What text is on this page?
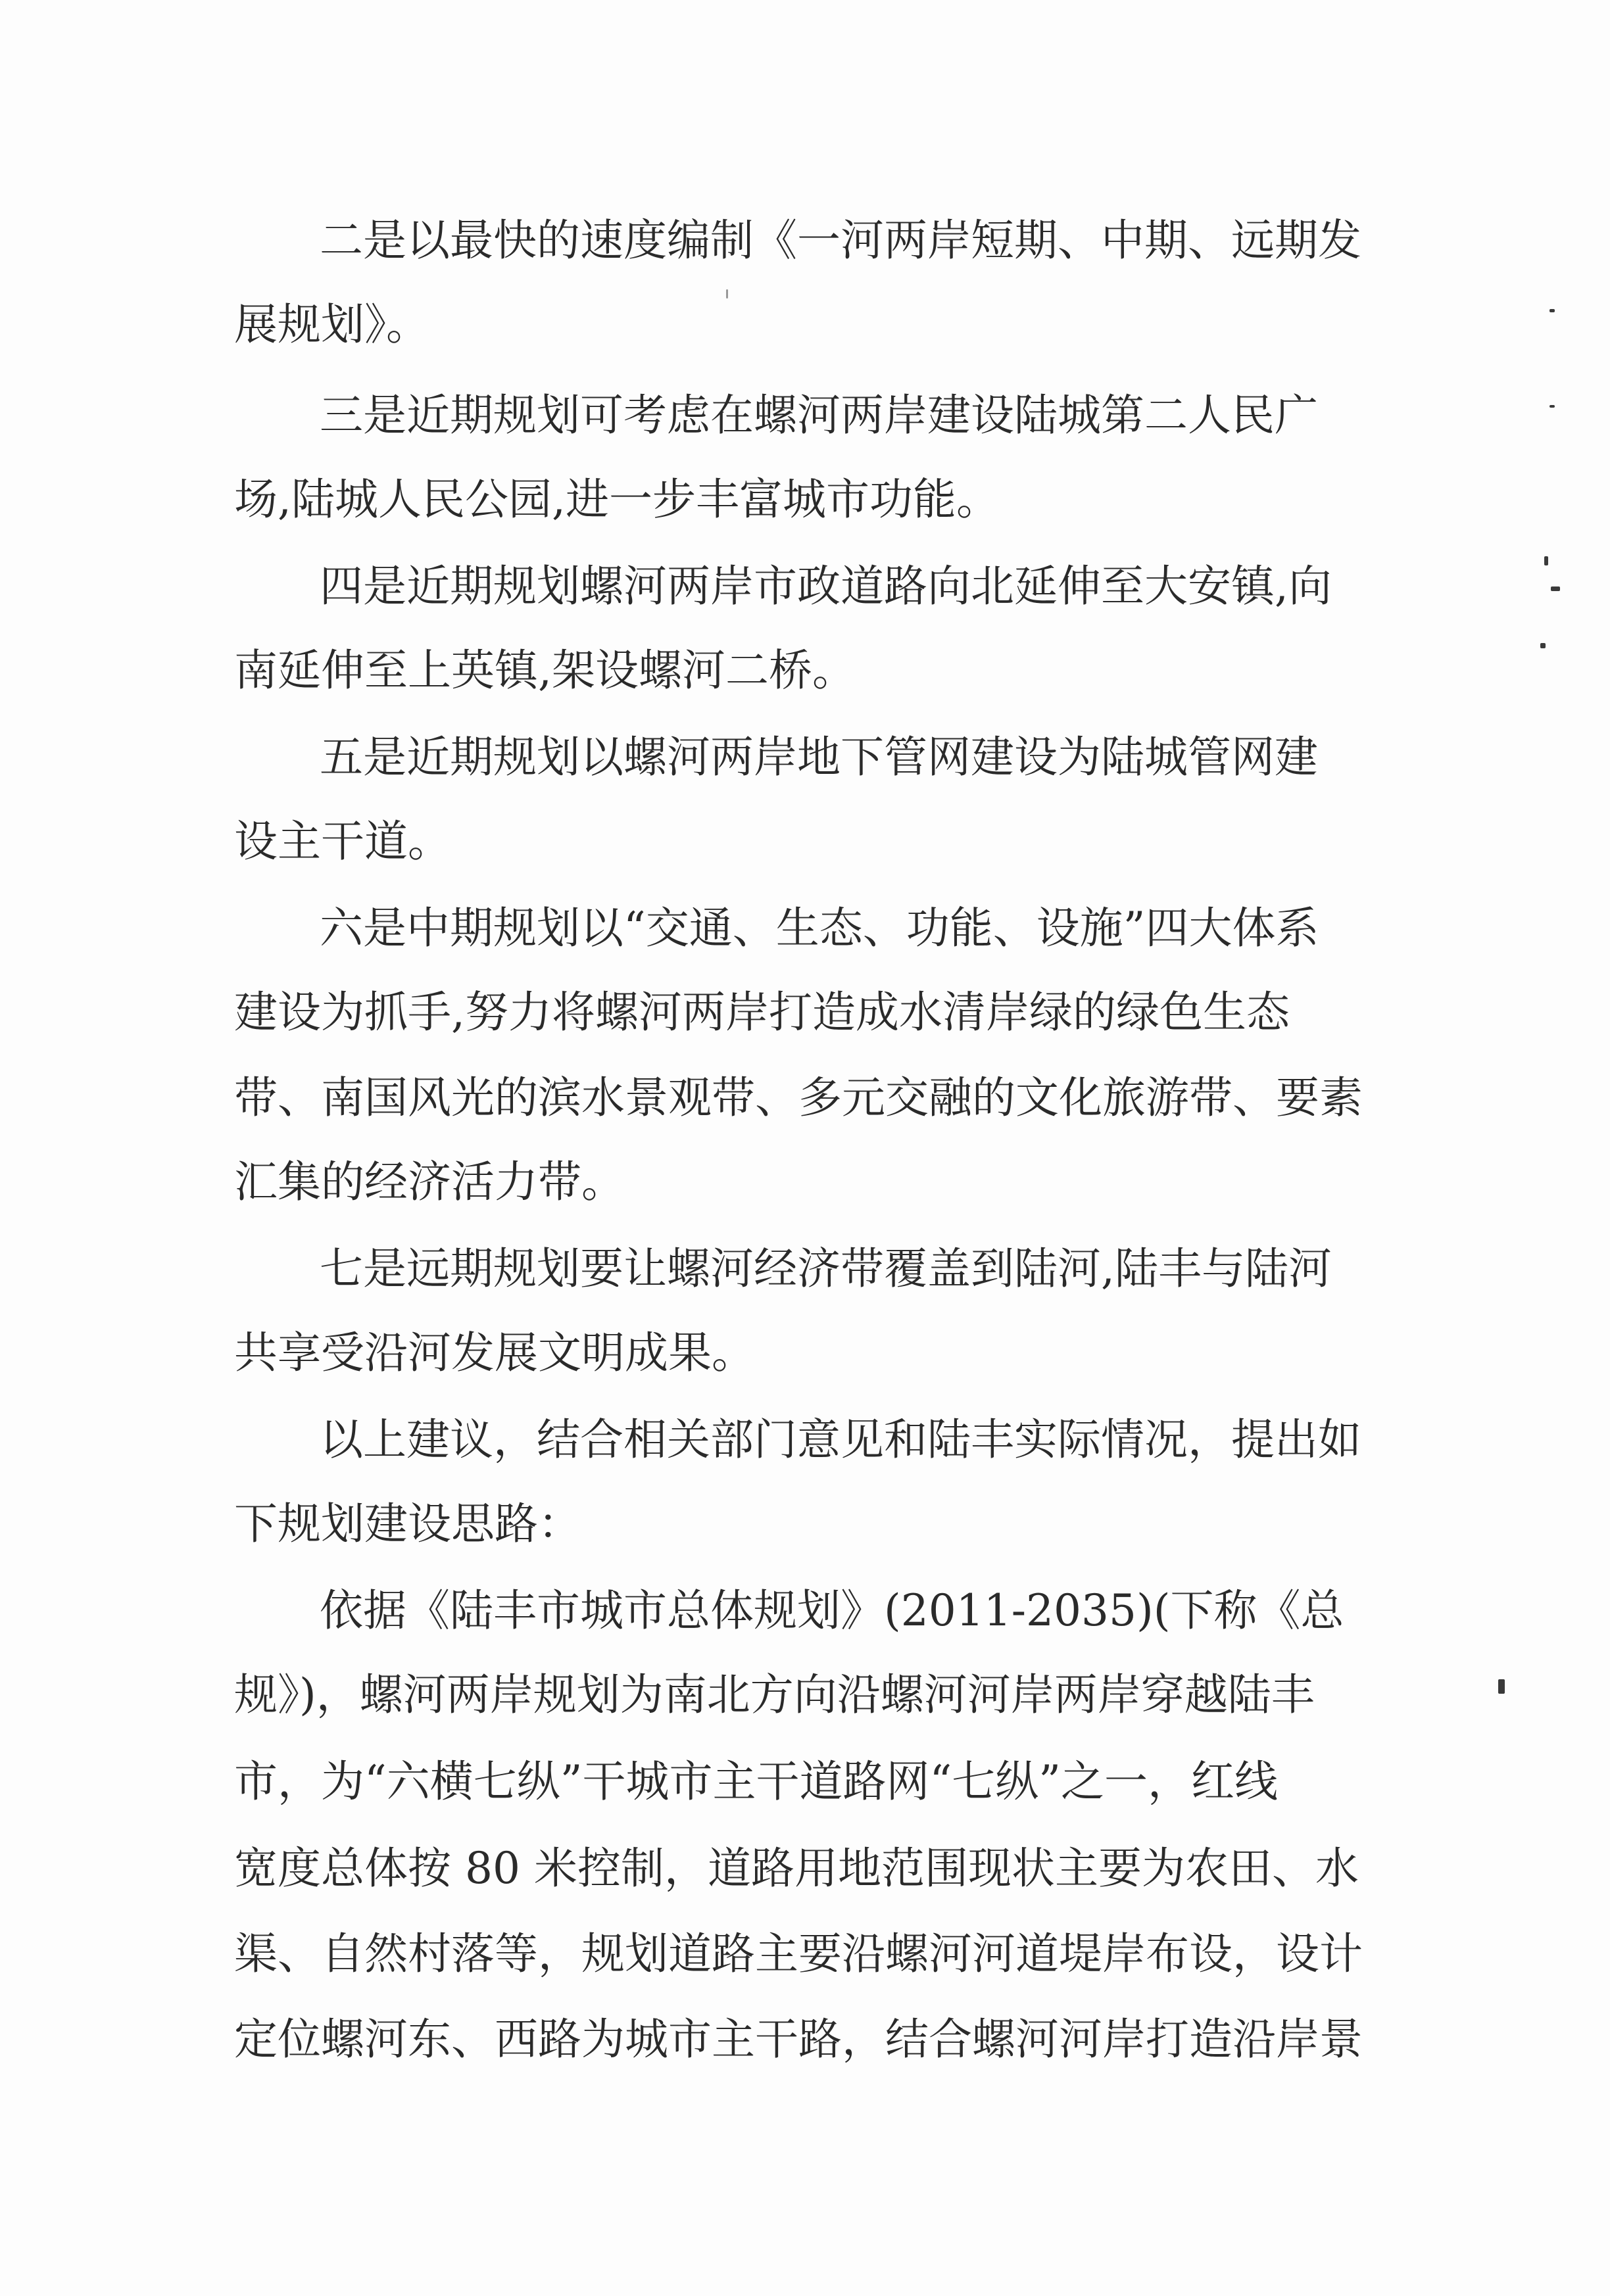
二是以最快的速度编制《一河两岸短期、中期、远期发
展规划》。
三是近期规划可考虑在螺河两岸建设陆城第二人民广
场,陆城人民公园,进一步丰富城市功能。
四是近期规划螺河两岸市政道路向北延伸至大安镇,向
南延伸至上英镇,架设螺河二桥。
五是近期规划以螺河两岸地下管网建设为陆城管网建
设主干道。
六是中期规划以“交通、生态、功能、设施”四大体系
建设为抓手,努力将螺河两岸打造成水清岸绿的绿色生态
带、南国风光的滨水景观带、多元交融的文化旅游带、要素
汇集的经济活力带。
七是远期规划要让螺河经济带覆盖到陆河,陆丰与陆河
共享受沿河发展文明成果。
以上建议，结合相关部门意见和陆丰实际情况，提出如
下规划建设思路：
依据《陆丰市城市总体规划》(2011-2035)(下称《总
规》)，螺河两岸规划为南北方向沿螺河河岸两岸穿越陆丰
市，为“六横七纵”干城市主干道路网“七纵”之一，红线
宽度总体按 80 米控制，道路用地范围现状主要为农田、水
渠、自然村落等，规划道路主要沿螺河河道堤岸布设，设计
定位螺河东、西路为城市主干路，结合螺河河岸打造沿岸景
